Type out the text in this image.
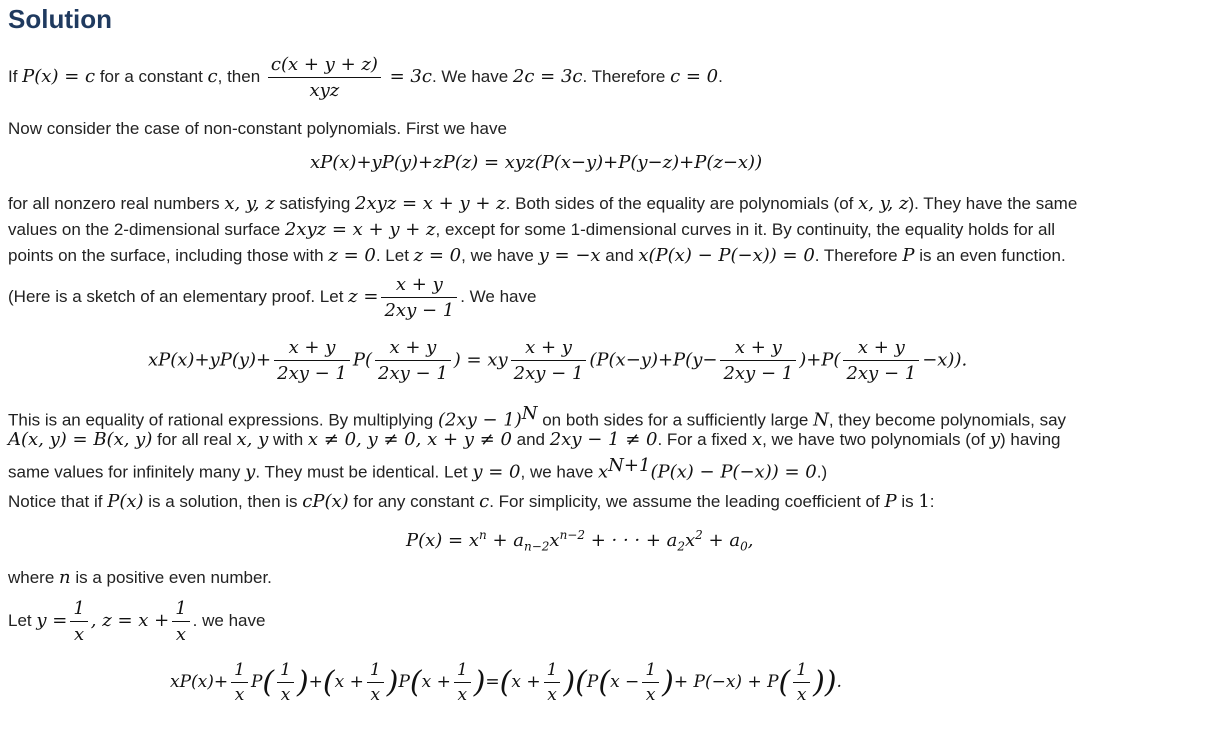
Solution
If P(x) = c for a constant c, then $\frac{c(x + y + z)}{\text{xyz}} = 3c$. We have 2c = 3c. Therefore c = 0.
Now consider the case of non-constant polynomials. First we have
xP(x)+yP(y)+zP(z) = xyz(P(x−y)+P(y−z)+P(z−x))
for all nonzero real numbers x, y, z satisfying 2xyz = x + y + z. Both sides of the equality are polynomials (of x, y, z). They have the same
values on the 2-dimensional surface 2xyz = x + y + z, except for some 1-dimensional curves in it. By continuity, the equality holds for all
points on the surface, including those with z = 0. Let z = 0, we have y = −x and x(P(x) − P(−x)) = 0. Therefore P is an even function.
(Here is a sketch of an elementary proof. Let $z = \frac{x + y}{2xy - 1}$ . We have
$xP(x)+yP(y)+ \frac{x + y}{2xy - 1} P( \frac{x + y}{2xy - 1}$ ) = xy $\frac{x + y}{2xy - 1} (P(x-y)+P(y- \frac{x + y}{2xy - 1} )+P( \frac{x + y}{2xy - 1} -x))$.
This is an equality of rational expressions. By multiplying $(2xy - 1)^N$ on both sides for a sufficiently large N, they become polynomials, say
A(x, y) = B(x, y) for all real x, y with x ≠ 0, y ≠ 0, x + y ≠ 0 and 2xy − 1 ≠ 0. For a fixed x, we have two polynomials (of y) having
same values for infinitely many y. They must be identical. Let y = 0, we have $x^{N+1}(P(x) - P(-x)) = 0$.)
Notice that if P(x) is a solution, then is cP(x) for any constant c. For simplicity, we assume the leading coefficient of P is 1:
$P(x) = x^n + a_{n-2}x^{n-2}$ + · · · + $a_2x^2 + a_0$,
where n is a positive even number.
Let $y = \frac{1}{x}$ , $z = x + \frac{1}{x}$ . we have
$xP(x)+ \frac{1}{x} P( \frac{1}{x} )+(x + \frac{1}{x} )P(x + \frac{1}{x} )=(x + \frac{1}{x} )(P(x - \frac{1}{x}$ )+ $P(-x) + P( \frac{1}{x}$ )).
